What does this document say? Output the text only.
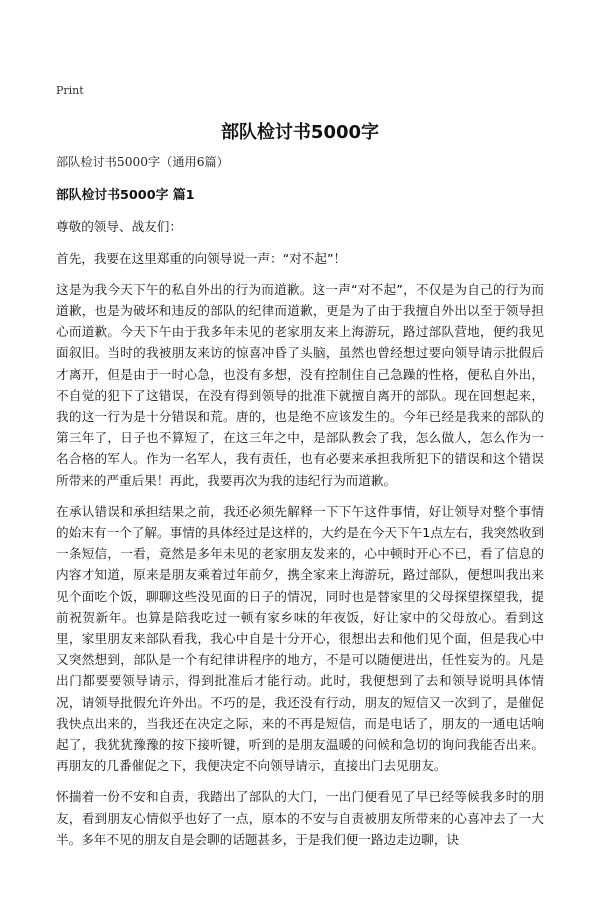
Print
部队检讨书5000字

部队检讨书5000字（通用6篇）

部队检讨书5000字 篇1

尊敬的领导、战友们：

首先，我要在这里郑重的向领导说一声：“对不起”！

这是为我今天下午的私自外出的行为而道歉。这一声“对不起”，不仅是为自己的行为而道歉，也是为破坏和违反的部队的纪律而道歉，更是为了由于我擅自外出以至于领导担心而道歉。今天下午由于我多年未见的老家朋友来上海游玩，路过部队营地，便约我见面叙旧。当时的我被朋友来访的惊喜冲昏了头脑，虽然也曾经想过要向领导请示批假后才离开，但是由于一时心急，也没有多想，没有控制住自己急躁的性格，便私自外出，不自觉的犯下了这错误，在没有得到领导的批准下就擅自离开的部队。现在回想起来，我的这一行为是十分错误和荒。唐的，也是绝不应该发生的。今年已经是我来的部队的第三年了，日子也不算短了，在这三年之中，是部队教会了我，怎么做人，怎么作为一名合格的军人。作为一名军人，我有责任，也有必要来承担我所犯下的错误和这个错误所带来的严重后果！再此，我要再次为我的违纪行为而道歉。

在承认错误和承担结果之前，我还必须先解释一下下午这件事情，好让领导对整个事情的始末有一个了解。事情的具体经过是这样的，大约是在今天下午1点左右，我突然收到一条短信，一看，竟然是多年未见的老家朋友发来的，心中顿时开心不已，看了信息的内容才知道，原来是朋友乘着过年前夕，携全家来上海游玩，路过部队，便想叫我出来见个面吃个饭，聊聊这些没见面的日子的情况，同时也是替家里的父母探望探望我，提前祝贺新年。也算是陪我吃过一顿有家乡味的年夜饭，好让家中的父母放心。看到这里，家里朋友来部队看我，我心中自是十分开心，很想出去和他们见个面，但是我心中又突然想到，部队是一个有纪律讲程序的地方，不是可以随便进出，任性妄为的。凡是出门都要要领导请示，得到批准后才能行动。此时，我便想到了去和领导说明具体情况，请领导批假允许外出。不巧的是，我还没有行动，朋友的短信又一次到了，是催促我快点出来的，当我还在决定之际，来的不再是短信，而是电话了，朋友的一通电话响起了，我犹犹豫豫的按下接听键，听到的是朋友温暖的问候和急切的询问我能否出来。再朋友的几番催促之下，我便决定不向领导请示，直接出门去见朋友。

怀揣着一份不安和自责，我踏出了部队的大门，一出门便看见了早已经等候我多时的朋友，看到朋友心情似乎也好了一点，原本的不安与自责被朋友所带来的心喜冲去了一大半。多年不见的朋友自是会聊的话题甚多，于是我们便一路边走边聊，诀
